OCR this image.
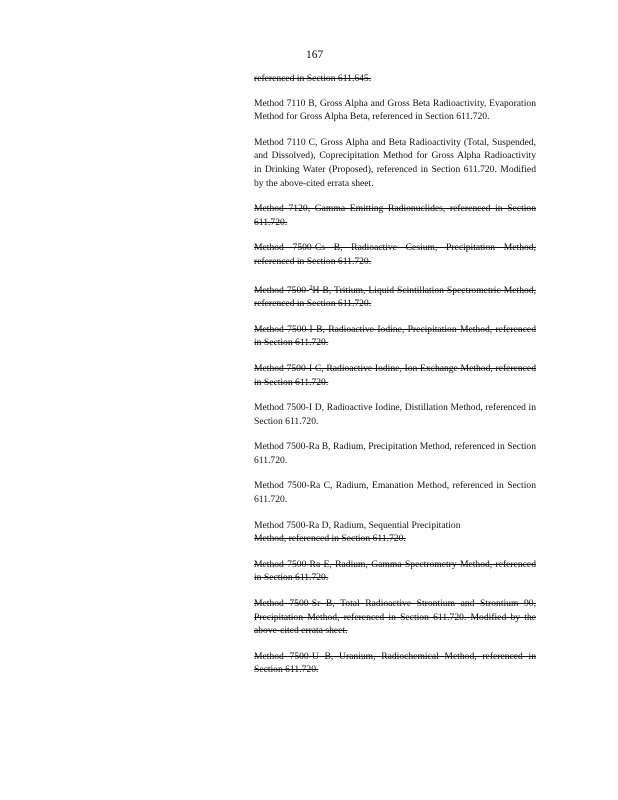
167

referenced in Section 611.645.

Method 7110 B, Gross Alpha and Gross Beta Radioactivity, Evaporation Method for Gross Alpha Beta, referenced in Section 611.720.

Method 7110 C, Gross Alpha and Beta Radioactivity (Total, Suspended, and Dissolved), Coprecipitation Method for Gross Alpha Radioactivity in Drinking Water (Proposed), referenced in Section 611.720. Modified by the above-cited errata sheet.

Method 7120, Gamma Emitting Radionuclides, referenced in Section 611.720.

Method 7500-Cs B, Radioactive Cesium, Precipitation Method, referenced in Section 611.720.

Method 7500-$^3$H B, Tritium, Liquid Scintillation Spectrometric Method, referenced in Section 611.720.

Method 7500-I B, Radioactive Iodine, Precipitation Method, referenced in Section 611.720.

Method 7500-I C, Radioactive Iodine, Ion Exchange Method, referenced in Section 611.720.

Method 7500-I D, Radioactive Iodine, Distillation Method, referenced in Section 611.720.

Method 7500-Ra B, Radium, Precipitation Method, referenced in Section 611.720.

Method 7500-Ra C, Radium, Emanation Method, referenced in Section 611.720.

Method 7500-Ra D, Radium, Sequential Precipitation
Method, referenced in Section 611.720.

Method 7500-Ra E, Radium, Gamma Spectrometry Method, referenced in Section 611.720.

Method 7500-Sr B, Total Radioactive Strontium and Strontium 90, Precipitation Method, referenced in Section 611.720. Modified by the above-cited errata sheet.

Method 7500-U B, Uranium, Radiochemical Method, referenced in Section 611.720.
